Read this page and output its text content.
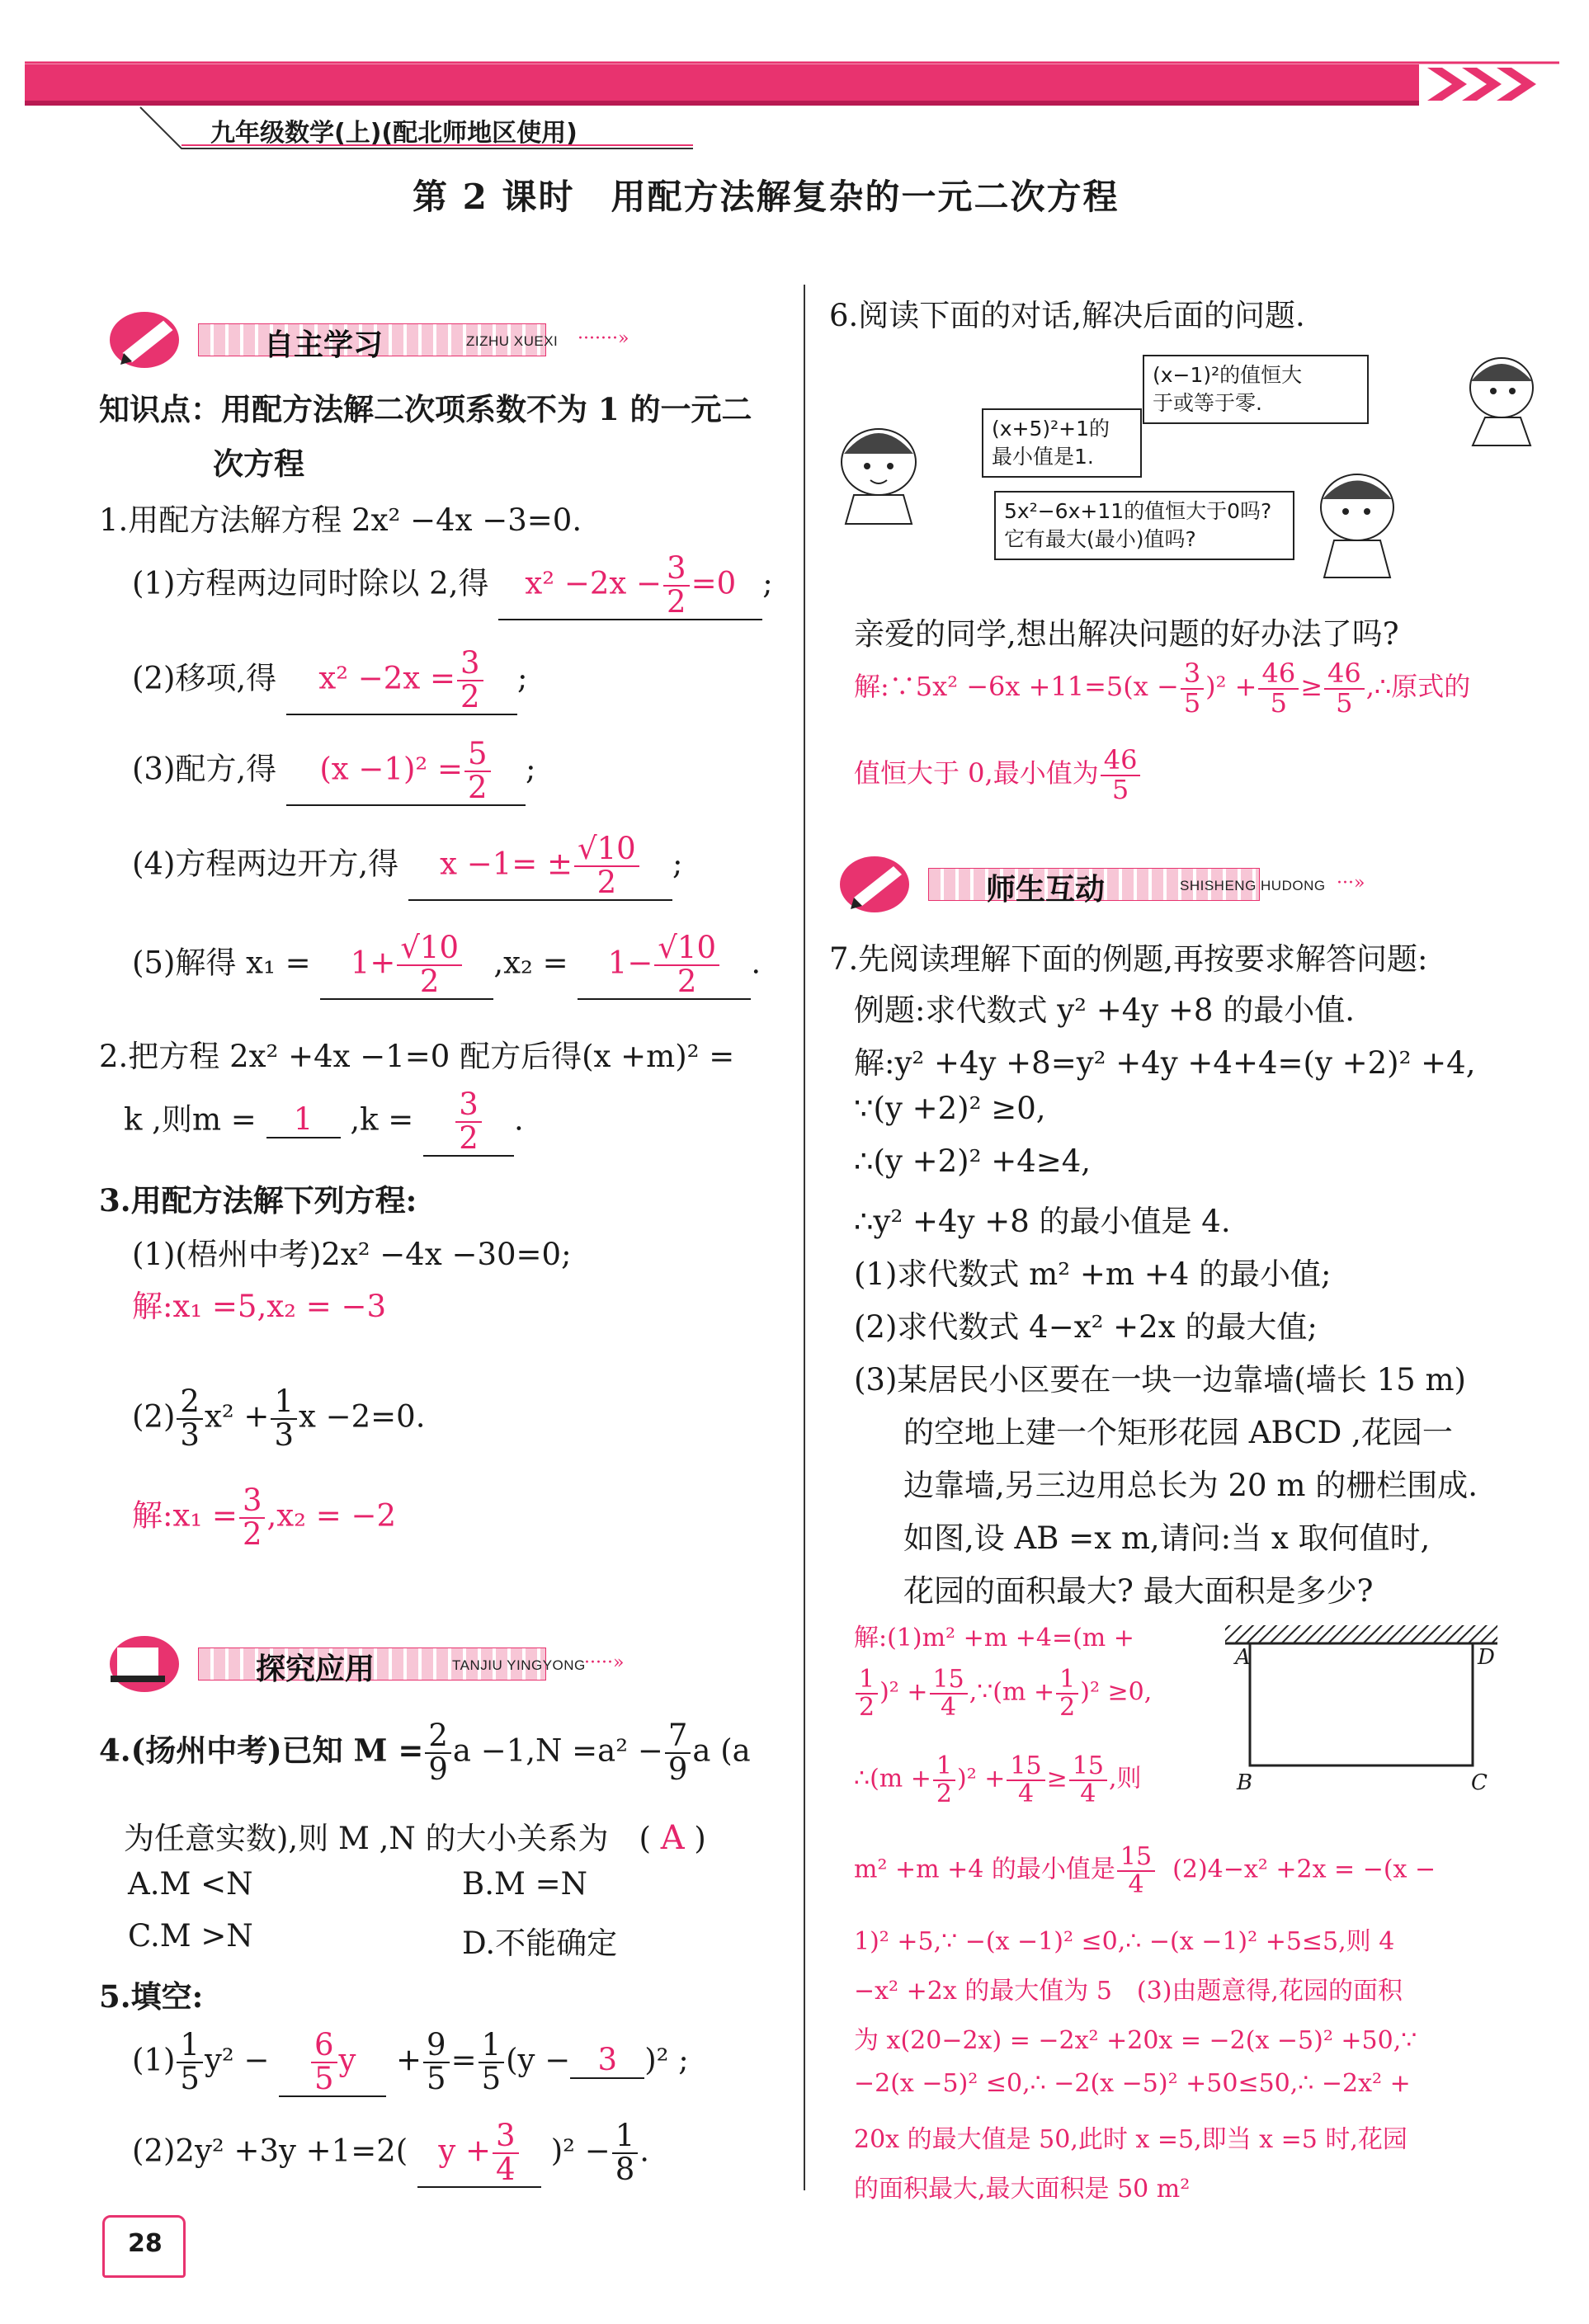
九年级数学(上)(配北师地区使用)
第 2 课时　用配方法解复杂的一元二次方程
自主学习	ZIZHU XUEXI ·······»
知识点：用配方法解二次项系数不为 1 的一元二
次方程
1.用配方法解方程 2x² −4x −3=0.
(1)方程两边同时除以 2,得 $x^2 -2x - \frac{3}{2} =0$ ;
(2)移项,得 $x^2 -2x = \frac{3}{2}$ ;
(3)配方,得 $(x -1)^2 = \frac{5}{2}$ ;
(4)方程两边开方,得 $x -1= \pm \frac{√10}{2}$ ;
(5)解得 $x_1 = 1+ \frac{√10}{2} ,x_2 = 1- \frac{√10}{2}$ .
2.把方程 2x² +4x −1=0 配方后得(x +m)² =
k ,则m = 1 $,k = \frac{3}{2}$ .
3.用配方法解下列方程:
(1)(梧州中考)2x² −4x −30=0;
解:x₁ =5,x₂ = −3
$(2) \frac{2}{3} x^2 + \frac{1}{3}$ x −2=0.
解:x₁ = $\frac{3}{2} ,x_2 = -2$
探究应用	TANJIU YINGYONG
·····»
4.(扬州中考)已知 $M = \frac{2}{9}$ $a -1,N =a^2 - \frac{7}{9}$ a (a
为任意实数),则 M ,N 的大小关系为　( A )
A.M <N	B.M =N
C.M >N	D.不能确定
5.填空:
$(1) \frac{1}{5} y^2 - \frac{6}{5}$ $y + \frac{9}{5} = \frac{1}{5} (y - 3$ )² ;
(2)2y² +3y +1=2( $y + \frac{3}{4} )^2 - \frac{1}{8}$ .
28
6.阅读下面的对话,解决后面的问题.
(x−1)²的值恒大
于或等于零.
(x+5)²+1的
最小值是1.
5x²−6x+11的值恒大于0吗?
它有最大(最小)值吗?
亲爱的同学,想出解决问题的好办法了吗?
解:∵5x² $-6x +11=5(x - \frac{3}{5} )^2 + \frac{46}{5} \ge \frac{46}{5}$ ,∴原式的
值恒大于 0,最小值为 $\frac{46}{5}$
师生互动	SHISHENG HUDONG ···»
7.先阅读理解下面的例题,再按要求解答问题:
例题:求代数式 y² +4y +8 的最小值.
解:y² +4y +8=y² +4y +4+4=(y +2)² +4,
∵(y +2)² ≥0,
∴(y +2)² +4≥4,
∴y² +4y +8 的最小值是 4.
(1)求代数式 m² +m +4 的最小值;
(2)求代数式 4−x² +2x 的最大值;
(3)某居民小区要在一块一边靠墙(墙长 15 m)
的空地上建一个矩形花园 ABCD ,花园一
边靠墙,另三边用总长为 20 m 的栅栏围成.
如图,设 AB =x m,请问:当 x 取何值时,
花园的面积最大? 最大面积是多少?
A	D
B	C
解:(1)m² +m +4=(m +
$\frac{1}{2} )^2 + \frac{15}{4}$ ,∵(m + $\frac{1}{2} )^2 \ge 0$,
∴(m + $\frac{1}{2} )^2 + \frac{15}{4} \ge \frac{15}{4}$ ,则
m² +m +4 的最小值是 $\frac{15}{4} (2)4-x^2 +2x = -(x$ −
1)² +5,∵ −(x −1)² ≤0,∴ −(x −1)² +5≤5,则 4
−x² +2x 的最大值为 5　(3)由题意得,花园的面积
为 x(20−2x) = −2x² +20x = −2(x −5)² +50,∵
−2(x −5)² ≤0,∴ −2(x −5)² +50≤50,∴ −2x² +
20x 的最大值是 50,此时 x =5,即当 x =5 时,花园
的面积最大,最大面积是 50 m²
